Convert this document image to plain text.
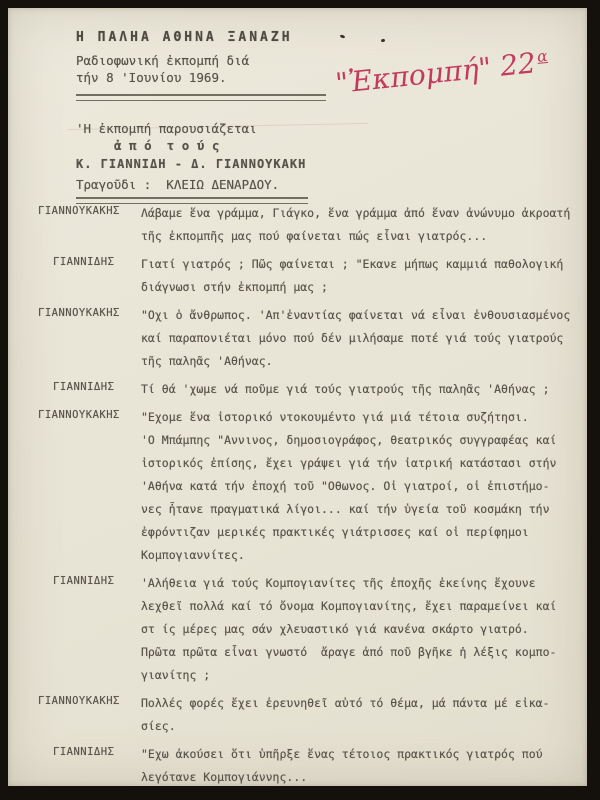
Η ΠΑΛΗΑ ΑΘΗΝΑ ΞΑΝΑΖΗ
Ραδιοφωνική ἐκπομπή διά
τήν 8 'Ιουνίου 1969.
'Η ἐκπομπή παρουσιάζεται
ἀ π ό  τ ο ύ ς
Κ. ΓΙΑΝΝΙΔΗ - Δ. ΓΙΑΝΝΟΥΚΑΚΗ
Τραγοῦδι :  ΚΛΕΙΩ ΔΕΝΑΡΔΟΥ.
"Ἐκπομπή" $22^\alpha$
ΓΙΑΝΝΟΥΚΑΚΗΣ	Λάβαμε ἕνα γράμμα, Γιάγκο, ἕνα γράμμα ἀπό ἕναν ἀνώνυμο ἀκροατή
τῆς ἐκπομπῆς μας πού φαίνεται πώς εἶναι γιατρός...
ΓΙΑΝΝΙΔΗΣ	Γιατί γιατρός ; Πῶς φαίνεται ; "Εκανε μήπως καμμιά παθολογική
διάγνωσι στήν ἐκπομπή μας ;
ΓΙΑΝΝΟΥΚΑΚΗΣ	"Οχι ὁ ἄνθρωπος. 'Απ'ἐναντίας φαίνεται νά εἶναι ἐνθουσιασμένος
καί παραπονιέται μόνο πού δέν μιλήσαμε ποτέ γιά τούς γιατρούς
τῆς παληᾶς 'Αθήνας.
ΓΙΑΝΝΙΔΗΣ	Τί θά 'χωμε νά ποῦμε γιά τούς γιατρούς τῆς παληᾶς 'Αθήνας ;
ΓΙΑΝΝΟΥΚΑΚΗΣ	"Εχομε ἕνα ἱστορικό ντοκουμέντο γιά μιά τέτοια συζήτησι.
'Ο Μπάμπης "Αννινος, δημοσιογράφος, θεατρικός συγγραφέας καί
ἱστορικός ἐπίσης, ἔχει γράψει γιά τήν ἰατρική κατάστασι στήν
'Αθήνα κατά τήν ἐποχή τοῦ "Οθωνος. Οἱ γιατροί, οἱ ἐπιστήμο-
νες ἦτανε πραγματικά λίγοι... καί τήν ὑγεία τοῦ κοσμάκη τήν
ἐφρόντιζαν μερικές πρακτικές γιάτρισσες καί οἱ περίφημοι
Κομπογιαννίτες.
ΓΙΑΝΝΙΔΗΣ	'Αλήθεια γιά τούς Κομπογιανίτες τῆς ἐποχῆς ἐκείνης ἔχουνε
λεχθεῖ πολλά καί τό ὄνομα Κομπογιανίτης, ἔχει παραμείνει καί
στ ίς μέρες μας σάν χλευαστικό γιά κανένα σκάρτο γιατρό.
Πρῶτα πρῶτα εἶναι γνωστό  ἄραγε ἀπό ποῦ βγῆκε ἡ λέξις κομπο-
γιανίτης ;
ΓΙΑΝΝΟΥΚΑΚΗΣ	Πολλές φορές ἔχει ἐρευνηθεῖ αὐτό τό θέμα, μά πάντα μέ εἰκα-
σίες.
ΓΙΑΝΝΙΔΗΣ	"Εχω ἀκούσει ὅτι ὑπῆρξε ἕνας τέτοιος πρακτικός γιατρός πού
λεγότανε Κομπογιάννης...
